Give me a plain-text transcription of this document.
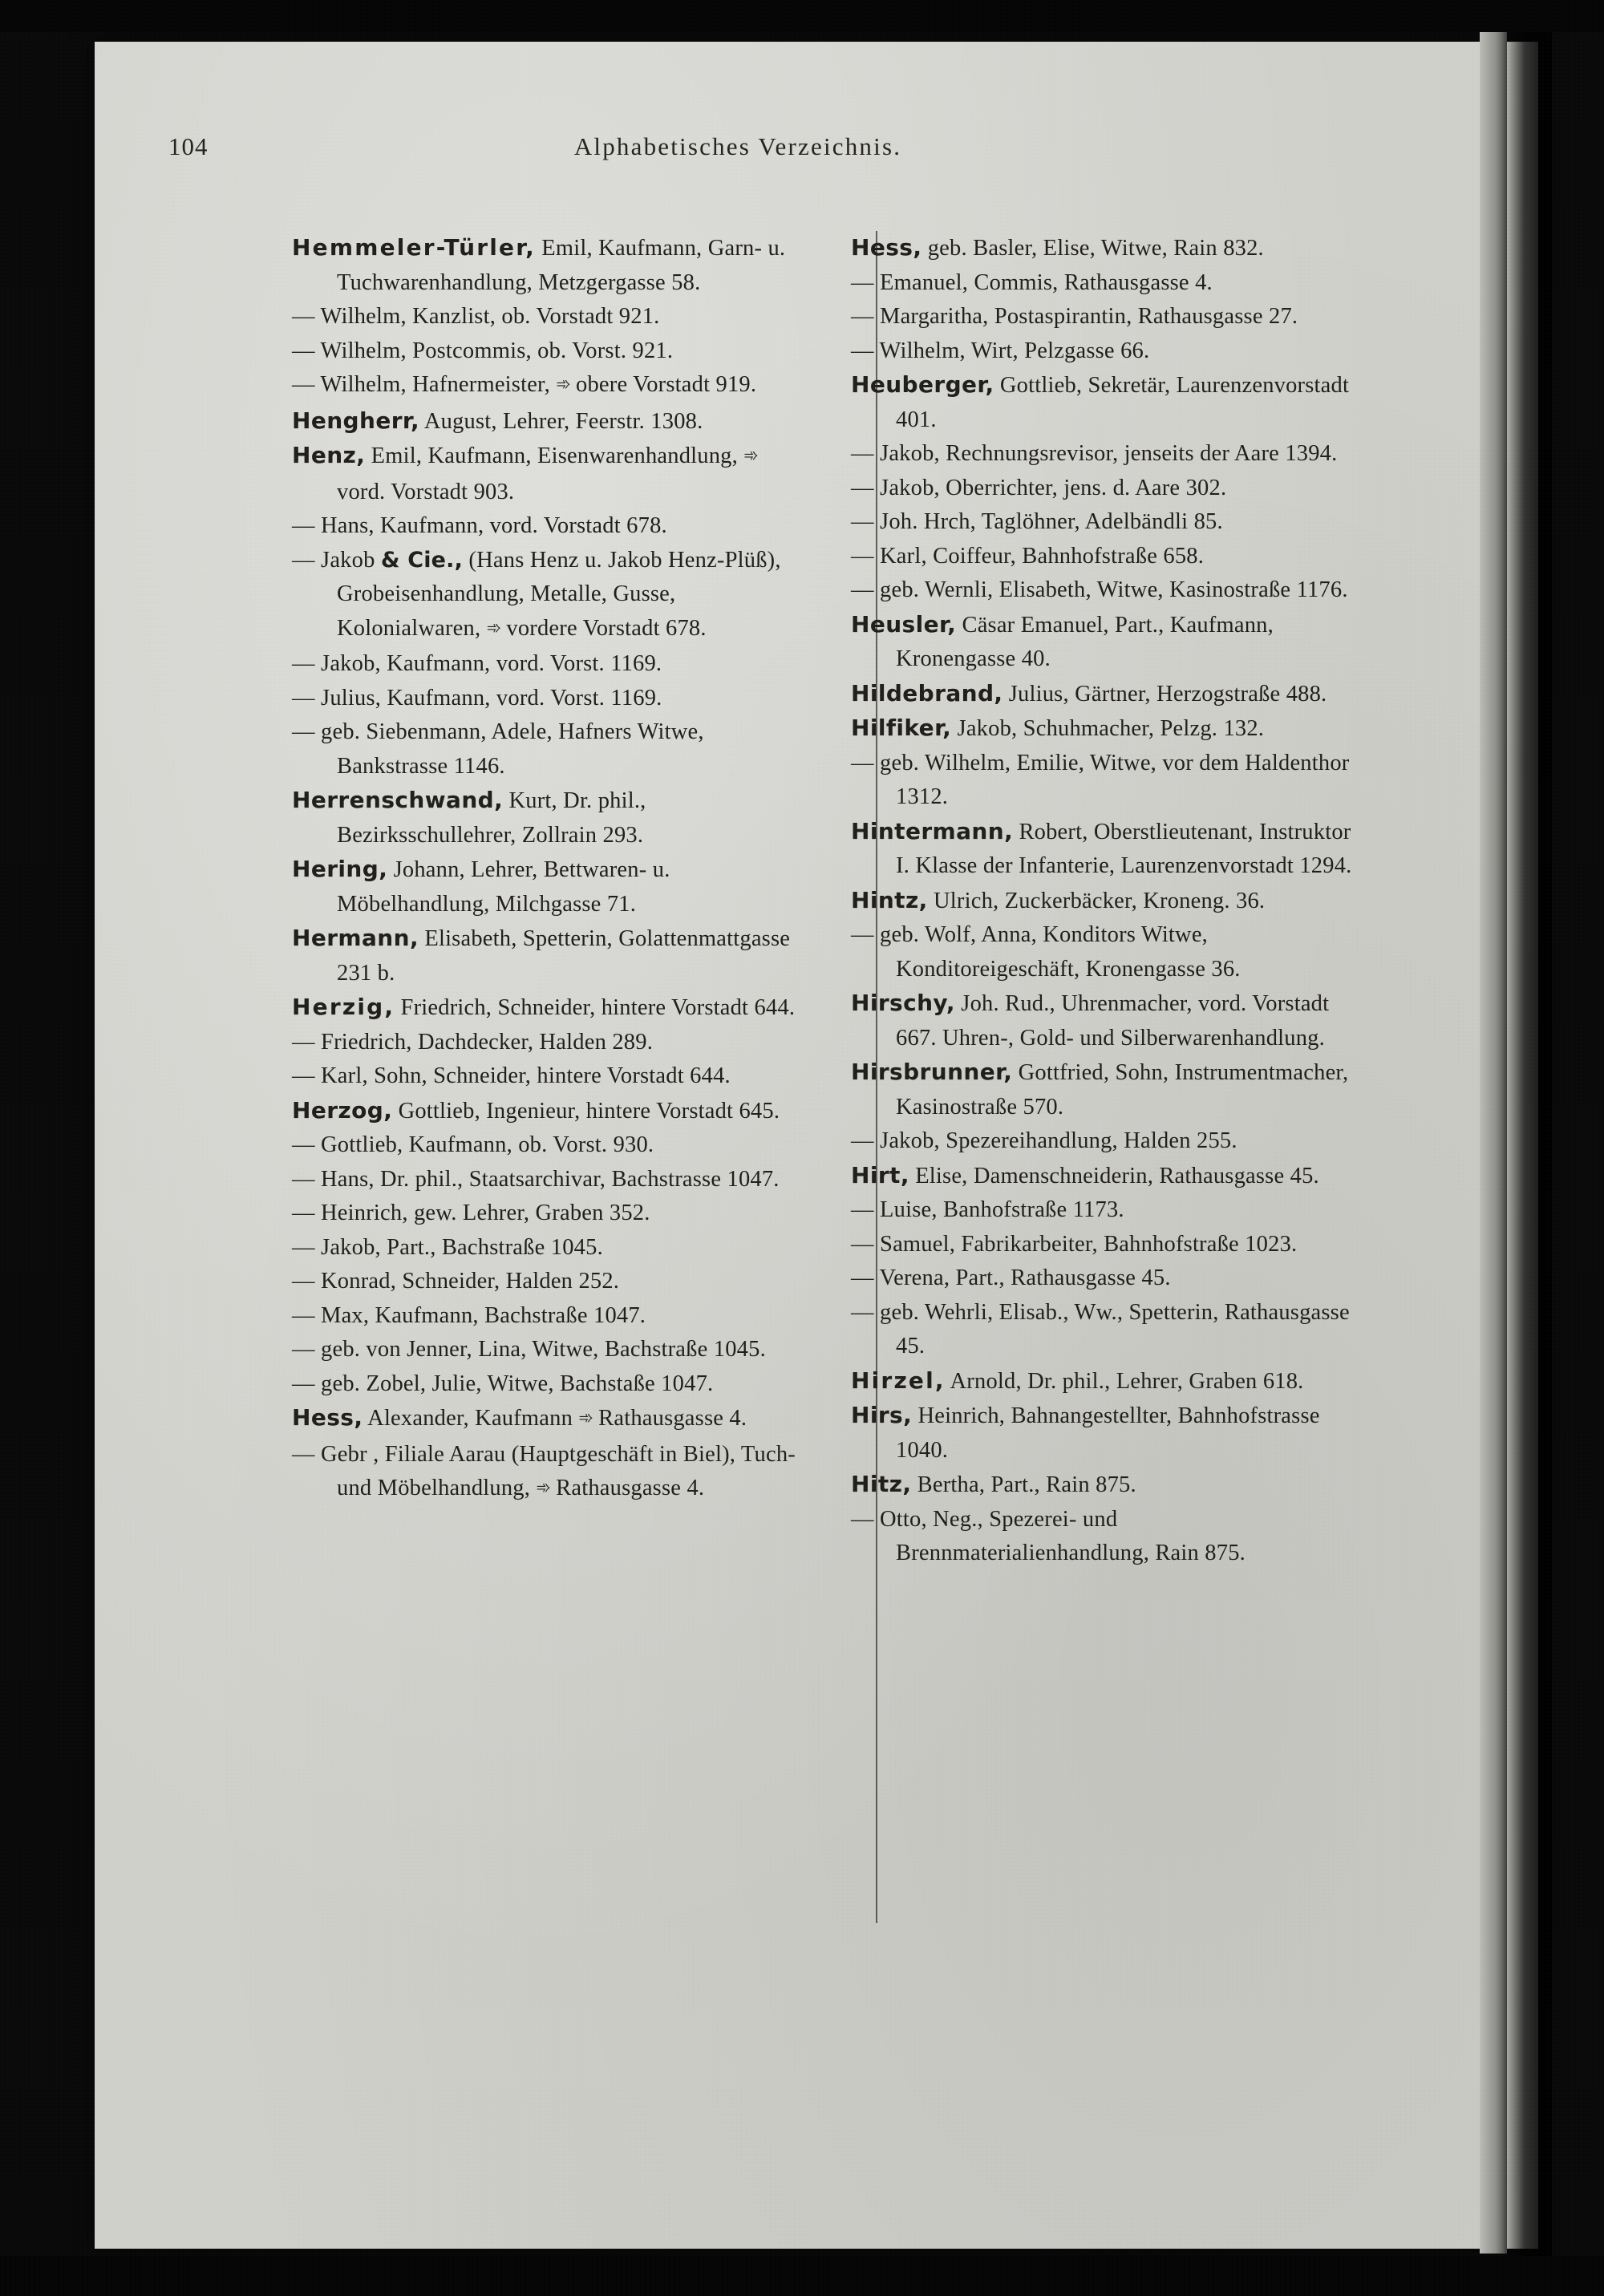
104	Alphabetisches Verzeichnis.

Hemmeler-Türler, Emil, Kaufmann, Garn- u. Tuchwarenhandlung, Metzgergasse 58.

— Wilhelm, Kanzlist, ob. Vorstadt 921.

— Wilhelm, Postcommis, ob. Vorst. 921.

— Wilhelm, Hafnermeister, ➾ obere Vorstadt 919.

Hengherr, August, Lehrer, Feerstr. 1308.

Henz, Emil, Kaufmann, Eisenwarenhandlung, ➾ vord. Vorstadt 903.

— Hans, Kaufmann, vord. Vorstadt 678.

— Jakob & Cie., (Hans Henz u. Jakob Henz-Plüß), Grobeisenhandlung, Metalle, Gusse, Kolonialwaren, ➾ vordere Vorstadt 678.

— Jakob, Kaufmann, vord. Vorst. 1169.

— Julius, Kaufmann, vord. Vorst. 1169.

— geb. Siebenmann, Adele, Hafners Witwe, Bankstrasse 1146.

Herrenschwand, Kurt, Dr. phil., Bezirksschullehrer, Zollrain 293.

Hering, Johann, Lehrer, Bettwaren- u. Möbelhandlung, Milchgasse 71.

Hermann, Elisabeth, Spetterin, Golattenmattgasse 231 b.

Herzig, Friedrich, Schneider, hintere Vorstadt 644.

— Friedrich, Dachdecker, Halden 289.

— Karl, Sohn, Schneider, hintere Vorstadt 644.

Herzog, Gottlieb, Ingenieur, hintere Vorstadt 645.

— Gottlieb, Kaufmann, ob. Vorst. 930.

— Hans, Dr. phil., Staatsarchivar, Bachstrasse 1047.

— Heinrich, gew. Lehrer, Graben 352.

— Jakob, Part., Bachstraße 1045.

— Konrad, Schneider, Halden 252.

— Max, Kaufmann, Bachstraße 1047.

— geb. von Jenner, Lina, Witwe, Bachstraße 1045.

— geb. Zobel, Julie, Witwe, Bachstaße 1047.

Hess, Alexander, Kaufmann ➾ Rathausgasse 4.

— Gebr , Filiale Aarau (Hauptgeschäft in Biel), Tuch- und Möbelhandlung, ➾ Rathausgasse 4.

Hess, geb. Basler, Elise, Witwe, Rain 832.

— Emanuel, Commis, Rathausgasse 4.

— Margaritha, Postaspirantin, Rathausgasse 27.

— Wilhelm, Wirt, Pelzgasse 66.

Heuberger, Gottlieb, Sekretär, Laurenzenvorstadt 401.

— Jakob, Rechnungsrevisor, jenseits der Aare 1394.

— Jakob, Oberrichter, jens. d. Aare 302.

— Joh. Hrch, Taglöhner, Adelbändli 85.

— Karl, Coiffeur, Bahnhofstraße 658.

— geb. Wernli, Elisabeth, Witwe, Kasinostraße 1176.

Heusler, Cäsar Emanuel, Part., Kaufmann, Kronengasse 40.

Hildebrand, Julius, Gärtner, Herzogstraße 488.

Hilfiker, Jakob, Schuhmacher, Pelzg. 132.

— geb. Wilhelm, Emilie, Witwe, vor dem Haldenthor 1312.

Hintermann, Robert, Oberstlieutenant, Instruktor I. Klasse der Infanterie, Laurenzenvorstadt 1294.

Hintz, Ulrich, Zuckerbäcker, Kroneng. 36.

— geb. Wolf, Anna, Konditors Witwe, Konditoreigeschäft, Kronengasse 36.

Hirschy, Joh. Rud., Uhrenmacher, vord. Vorstadt 667. Uhren-, Gold- und Silberwarenhandlung.

Hirsbrunner, Gottfried, Sohn, Instrumentmacher, Kasinostraße 570.

— Jakob, Spezereihandlung, Halden 255.

Hirt, Elise, Damenschneiderin, Rathausgasse 45.

— Luise, Banhofstraße 1173.

— Samuel, Fabrikarbeiter, Bahnhofstraße 1023.

— Verena, Part., Rathausgasse 45.

— geb. Wehrli, Elisab., Ww., Spetterin, Rathausgasse 45.

Hirzel, Arnold, Dr. phil., Lehrer, Graben 618.

Hirs, Heinrich, Bahnangestellter, Bahnhofstrasse 1040.

Hitz, Bertha, Part., Rain 875.

— Otto, Neg., Spezerei- und Brennmaterialienhandlung, Rain 875.
